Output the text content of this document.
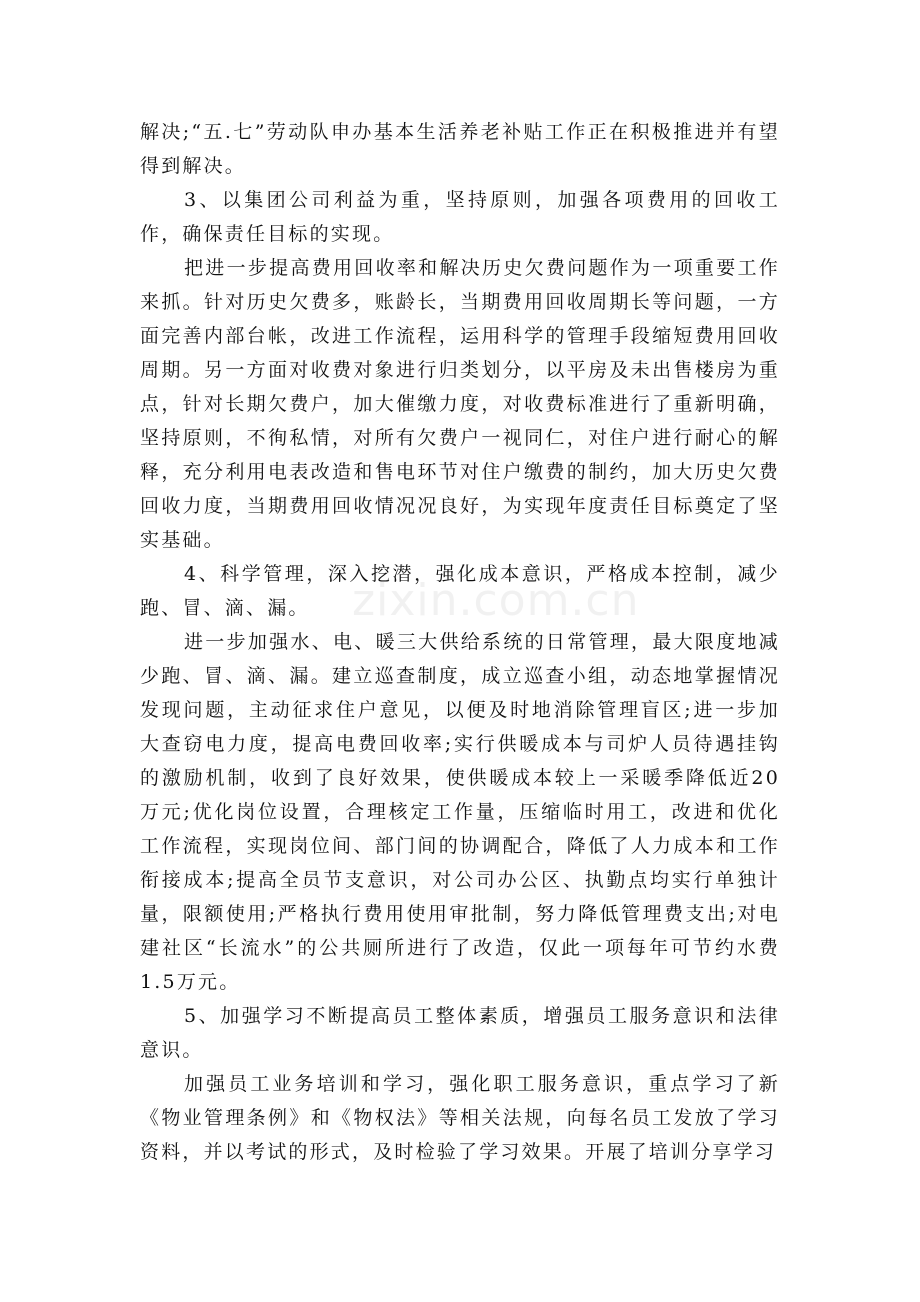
解决;“五.七”劳动队申办基本生活养老补贴工作正在积极推进并有望得到解决。

3、以集团公司利益为重，坚持原则，加强各项费用的回收工作，确保责任目标的实现。

把进一步提高费用回收率和解决历史欠费问题作为一项重要工作来抓。针对历史欠费多，账龄长，当期费用回收周期长等问题，一方面完善内部台帐，改进工作流程，运用科学的管理手段缩短费用回收周期。另一方面对收费对象进行归类划分，以平房及未出售楼房为重点，针对长期欠费户，加大催缴力度，对收费标准进行了重新明确，坚持原则，不徇私情，对所有欠费户一视同仁，对住户进行耐心的解释，充分利用电表改造和售电环节对住户缴费的制约，加大历史欠费回收力度，当期费用回收情况况良好，为实现年度责任目标奠定了坚实基础。

4、科学管理，深入挖潜，强化成本意识，严格成本控制，减少跑、冒、滴、漏。

进一步加强水、电、暖三大供给系统的日常管理，最大限度地减少跑、冒、滴、漏。建立巡查制度，成立巡查小组，动态地掌握情况发现问题，主动征求住户意见，以便及时地消除管理盲区;进一步加大查窃电力度，提高电费回收率;实行供暖成本与司炉人员待遇挂钩的激励机制，收到了良好效果，使供暖成本较上一采暖季降低近20万元;优化岗位设置，合理核定工作量，压缩临时用工，改进和优化工作流程，实现岗位间、部门间的协调配合，降低了人力成本和工作衔接成本;提高全员节支意识，对公司办公区、执勤点均实行单独计量，限额使用;严格执行费用使用审批制，努力降低管理费支出;对电建社区“长流水”的公共厕所进行了改造，仅此一项每年可节约水费1.5万元。

5、加强学习不断提高员工整体素质，增强员工服务意识和法律意识。

加强员工业务培训和学习，强化职工服务意识，重点学习了新《物业管理条例》和《物权法》等相关法规，向每名员工发放了学习资料，并以考试的形式，及时检验了学习效果。开展了培训分享学习

zixin.com.cn
